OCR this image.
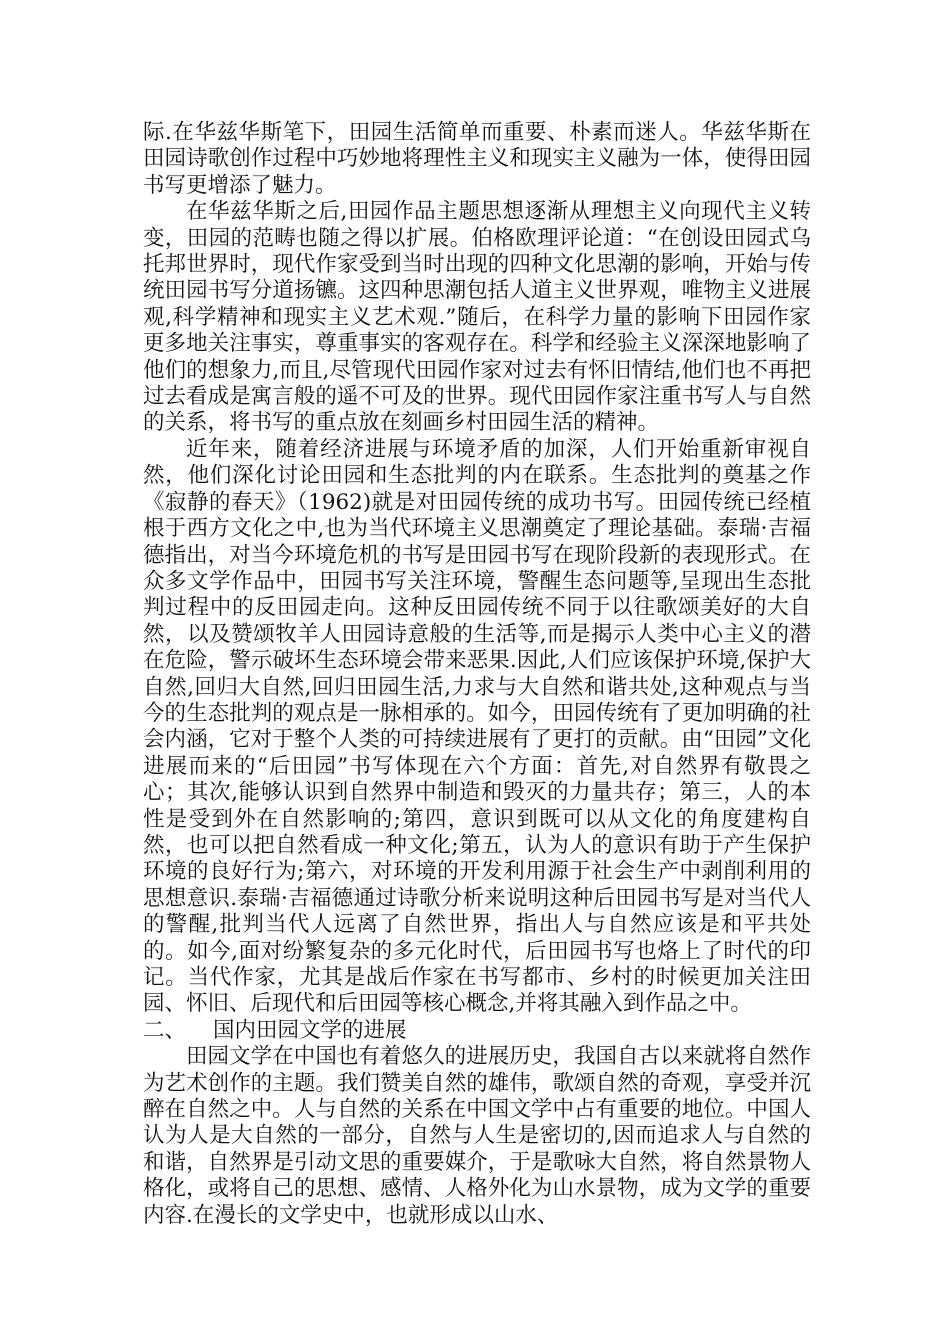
际.在华兹华斯笔下，田园生活简单而重要、朴素而迷人。华兹华斯在田园诗歌创作过程中巧妙地将理性主义和现实主义融为一体，使得田园书写更增添了魅力。

在华兹华斯之后,田园作品主题思想逐渐从理想主义向现代主义转变，田园的范畴也随之得以扩展。伯格欧理评论道：“在创设田园式乌托邦世界时，现代作家受到当时出现的四种文化思潮的影响，开始与传统田园书写分道扬镳。这四种思潮包括人道主义世界观，唯物主义进展观,科学精神和现实主义艺术观.”随后，在科学力量的影响下田园作家更多地关注事实，尊重事实的客观存在。科学和经验主义深深地影响了他们的想象力,而且,尽管现代田园作家对过去有怀旧情结,他们也不再把过去看成是寓言般的遥不可及的世界。现代田园作家注重书写人与自然的关系，将书写的重点放在刻画乡村田园生活的精神。

近年来，随着经济进展与环境矛盾的加深，人们开始重新审视自然，他们深化讨论田园和生态批判的内在联系。生态批判的奠基之作《寂静的春天》（1962)就是对田园传统的成功书写。田园传统已经植根于西方文化之中,也为当代环境主义思潮奠定了理论基础。泰瑞·吉福德指出，对当今环境危机的书写是田园书写在现阶段新的表现形式。在众多文学作品中，田园书写关注环境，警醒生态问题等,呈现出生态批判过程中的反田园走向。这种反田园传统不同于以往歌颂美好的大自然，以及赞颂牧羊人田园诗意般的生活等,而是揭示人类中心主义的潜在危险，警示破坏生态环境会带来恶果.因此,人们应该保护环境,保护大自然,回归大自然,回归田园生活,力求与大自然和谐共处,这种观点与当今的生态批判的观点是一脉相承的。如今，田园传统有了更加明确的社会内涵，它对于整个人类的可持续进展有了更打的贡献。由“田园”文化进展而来的“后田园”书写体现在六个方面：首先,对自然界有敬畏之心；其次,能够认识到自然界中制造和毁灭的力量共存；第三，人的本性是受到外在自然影响的;第四，意识到既可以从文化的角度建构自然，也可以把自然看成一种文化;第五，认为人的意识有助于产生保护环境的良好行为;第六，对环境的开发利用源于社会生产中剥削利用的思想意识.泰瑞·吉福德通过诗歌分析来说明这种后田园书写是对当代人的警醒,批判当代人远离了自然世界，指出人与自然应该是和平共处的。如今,面对纷繁复杂的多元化时代，后田园书写也烙上了时代的印记。当代作家，尤其是战后作家在书写都市、乡村的时候更加关注田园、怀旧、后现代和后田园等核心概念,并将其融入到作品之中。

二、 国内田园文学的进展

田园文学在中国也有着悠久的进展历史，我国自古以来就将自然作为艺术创作的主题。我们赞美自然的雄伟，歌颂自然的奇观，享受并沉醉在自然之中。人与自然的关系在中国文学中占有重要的地位。中国人认为人是大自然的一部分，自然与人生是密切的,因而追求人与自然的和谐，自然界是引动文思的重要媒介，于是歌咏大自然，将自然景物人格化，或将自己的思想、感情、人格外化为山水景物，成为文学的重要内容.在漫长的文学史中，也就形成以山水、
